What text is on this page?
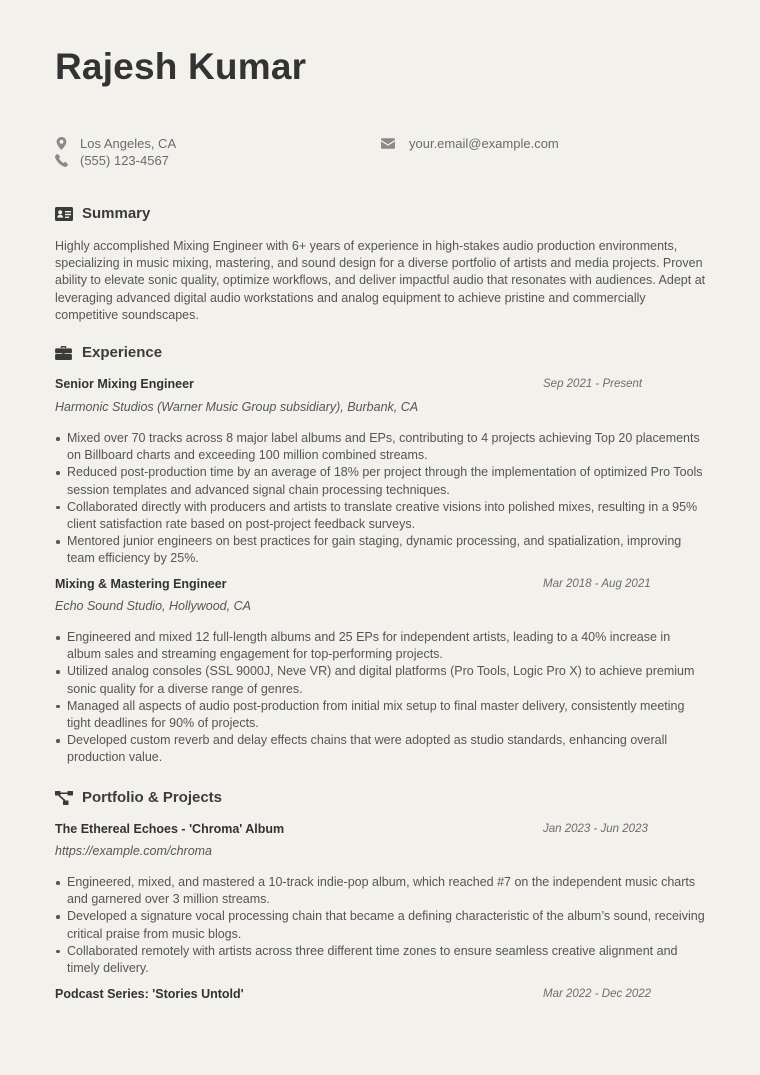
Rajesh Kumar
Los Angeles, CA
(555) 123-4567
your.email@example.com
Summary
Highly accomplished Mixing Engineer with 6+ years of experience in high-stakes audio production environments, specializing in music mixing, mastering, and sound design for a diverse portfolio of artists and media projects. Proven ability to elevate sonic quality, optimize workflows, and deliver impactful audio that resonates with audiences. Adept at leveraging advanced digital audio workstations and analog equipment to achieve pristine and commercially competitive soundscapes.
Experience
Senior Mixing Engineer	Sep 2021 - Present
Harmonic Studios (Warner Music Group subsidiary), Burbank, CA
Mixed over 70 tracks across 8 major label albums and EPs, contributing to 4 projects achieving Top 20 placements on Billboard charts and exceeding 100 million combined streams.
Reduced post-production time by an average of 18% per project through the implementation of optimized Pro Tools session templates and advanced signal chain processing techniques.
Collaborated directly with producers and artists to translate creative visions into polished mixes, resulting in a 95% client satisfaction rate based on post-project feedback surveys.
Mentored junior engineers on best practices for gain staging, dynamic processing, and spatialization, improving team efficiency by 25%.
Mixing & Mastering Engineer	Mar 2018 - Aug 2021
Echo Sound Studio, Hollywood, CA
Engineered and mixed 12 full-length albums and 25 EPs for independent artists, leading to a 40% increase in album sales and streaming engagement for top-performing projects.
Utilized analog consoles (SSL 9000J, Neve VR) and digital platforms (Pro Tools, Logic Pro X) to achieve premium sonic quality for a diverse range of genres.
Managed all aspects of audio post-production from initial mix setup to final master delivery, consistently meeting tight deadlines for 90% of projects.
Developed custom reverb and delay effects chains that were adopted as studio standards, enhancing overall production value.
Portfolio & Projects
The Ethereal Echoes - 'Chroma' Album	Jan 2023 - Jun 2023
https://example.com/chroma
Engineered, mixed, and mastered a 10-track indie-pop album, which reached #7 on the independent music charts and garnered over 3 million streams.
Developed a signature vocal processing chain that became a defining characteristic of the album’s sound, receiving critical praise from music blogs.
Collaborated remotely with artists across three different time zones to ensure seamless creative alignment and timely delivery.
Podcast Series: 'Stories Untold'	Mar 2022 - Dec 2022
